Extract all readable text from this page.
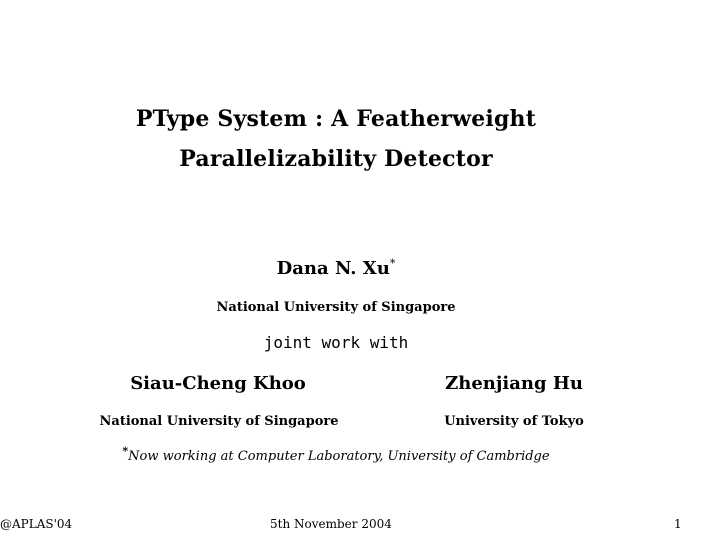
PType System : A Featherweight
Parallelizability Detector
Dana N. Xu*
National University of Singapore
joint work with
Siau-Cheng Khoo	Zhenjiang Hu
National University of Singapore	University of Tokyo
*Now working at Computer Laboratory, University of Cambridge
@APLAS'04	5th November 2004	1
